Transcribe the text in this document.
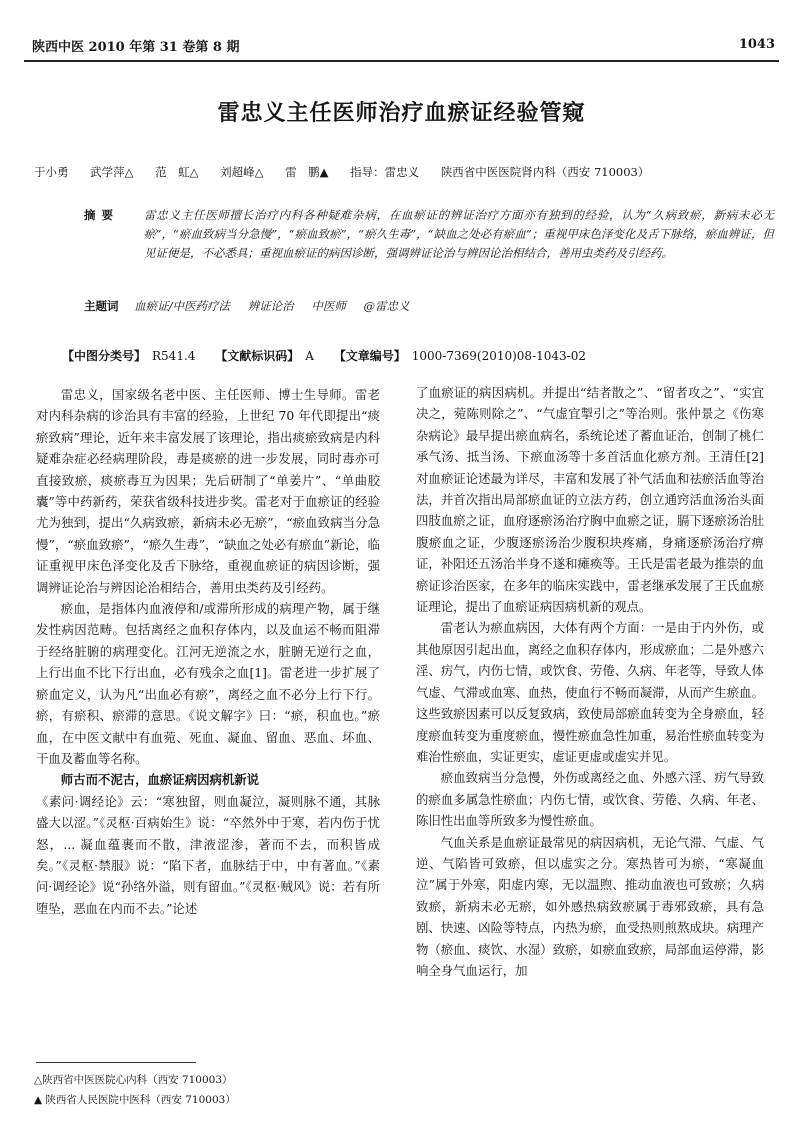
陕西中医 2010 年第 31 卷第 8 期	1043
雷忠义主任医师治疗血瘀证经验管窥
于小勇 武学萍△ 范　虹△ 刘超峰△ 雷　鹏▲ 指导：雷忠义 陕西省中医医院肾内科（西安 710003）
摘要 雷忠义主任医师擅长治疗内科各种疑难杂病，在血瘀证的辨证治疗方面亦有独到的经验，认为“久病致瘀，新病未必无瘀”，“瘀血致病当分急慢”，“瘀血致瘀”，“瘀久生毒”，“缺血之处必有瘀血”；重视甲床色泽变化及舌下脉络，瘀血辨证，但见证便是，不必悉具；重视血瘀证的病因诊断，强调辨证论治与辨因论治相结合，善用虫类药及引经药。
主题词 血瘀证/中医药疗法 辨证论治 中医师 @雷忠义
【中图分类号】 R541.4 【文献标识码】 A 【文章编号】 1000-7369(2010)08-1043-02

雷忠义，国家级名老中医、主任医师、博士生导师。雷老对内科杂病的诊治具有丰富的经验，上世纪 70 年代即提出“痰瘀致病”理论，近年来丰富发展了该理论，指出痰瘀致病是内科疑难杂症必经病理阶段，毒是痰瘀的进一步发展，同时毒亦可直接致瘀，痰瘀毒互为因果；先后研制了“单姜片”、“单曲胶囊”等中药新药，荣获省级科技进步奖。雷老对于血瘀证的经验尤为独到，提出“久病致瘀，新病未必无瘀”，“瘀血致病当分急慢”，“瘀血致瘀”，“瘀久生毒”，“缺血之处必有瘀血”新论，临证重视甲床色泽变化及舌下脉络，重视血瘀证的病因诊断，强调辨证论治与辨因论治相结合，善用虫类药及引经药。

瘀血，是指体内血液停和/或滞所形成的病理产物，属于继发性病因范畴。包括离经之血积存体内，以及血运不畅而阻滞于经络脏腑的病理变化。江河无逆流之水，脏腑无逆行之血，上行出血不比下行出血，必有残余之血[1]。雷老进一步扩展了瘀血定义，认为凡“出血必有瘀”，离经之血不必分上行下行。瘀，有瘀积、瘀滞的意思。《说文解字》曰：“瘀，积血也。”瘀血，在中医文献中有血菀、死血、凝血、留血、恶血、坏血、干血及蓄血等名称。

师古而不泥古，血瘀证病因病机新说

《素问·调经论》云：“寒独留，则血凝泣，凝则脉不通，其脉盛大以涩。”《灵枢·百病始生》说：“卒然外中于寒，若内伤于忧怒，... 凝血蕴裹而不散，津液涩渗，著而不去，而积皆成矣。”《灵枢·禁服》说：“陷下者，血脉结于中，中有著血。”《素问·调经论》说“孙络外溢，则有留血。”《灵枢·贼风》说：若有所堕坠，恶血在内而不去。”论述

了血瘀证的病因病机。并提出“结者散之”、“留者攻之”、“实宜决之，菀陈则除之”、“气虚宜掣引之”等治则。张仲景之《伤寒杂病论》最早提出瘀血病名，系统论述了蓄血证治，创制了桃仁承气汤、抵当汤、下瘀血汤等十多首活血化瘀方剂。王清任[2]对血瘀证论述最为详尽，丰富和发展了补气活血和祛瘀活血等治法，并首次指出局部瘀血证的立法方药，创立通窍活血汤治头面四肢血瘀之证，血府逐瘀汤治疗胸中血瘀之证，膈下逐瘀汤治肚腹瘀血之证，少腹逐瘀汤治少腹积块疼痛，身痛逐瘀汤治疗痹证，补阳还五汤治半身不遂和瘫痪等。王氏是雷老最为推崇的血瘀证诊治医家，在多年的临床实践中，雷老继承发展了王氏血瘀证理论，提出了血瘀证病因病机新的观点。

雷老认为瘀血病因，大体有两个方面：一是由于内外伤，或其他原因引起出血，离经之血积存体内，形成瘀血；二是外感六淫、疠气，内伤七情，或饮食、劳倦、久病、年老等，导致人体气虚、气滞或血寒、血热，使血行不畅而凝滞，从而产生瘀血。这些致瘀因素可以反复致病，致使局部瘀血转变为全身瘀血，轻度瘀血转变为重度瘀血，慢性瘀血急性加重，易治性瘀血转变为难治性瘀血，实证更实，虚证更虚或虚实并见。

瘀血致病当分急慢，外伤或离经之血、外感六淫、疠气导致的瘀血多属急性瘀血；内伤七情，或饮食、劳倦、久病、年老、陈旧性出血等所致多为慢性瘀血。

气血关系是血瘀证最常见的病因病机，无论气滞、气虚、气逆、气陷皆可致瘀，但以虚实之分。寒热皆可为瘀，“寒凝血泣”属于外寒，阳虚内寒，无以温煦、推动血液也可致瘀；久病致瘀，新病未必无瘀，如外感热病致瘀属于毒邪致瘀，具有急剧、快速、凶险等特点，内热为瘀，血受热则煎熬成块。病理产物（瘀血、痰饮、水湿）致瘀，如瘀血致瘀，局部血运停滞，影响全身气血运行，加

△陕西省中医医院心内科（西安 710003）
▲ 陕西省人民医院中医科（西安 710003）
